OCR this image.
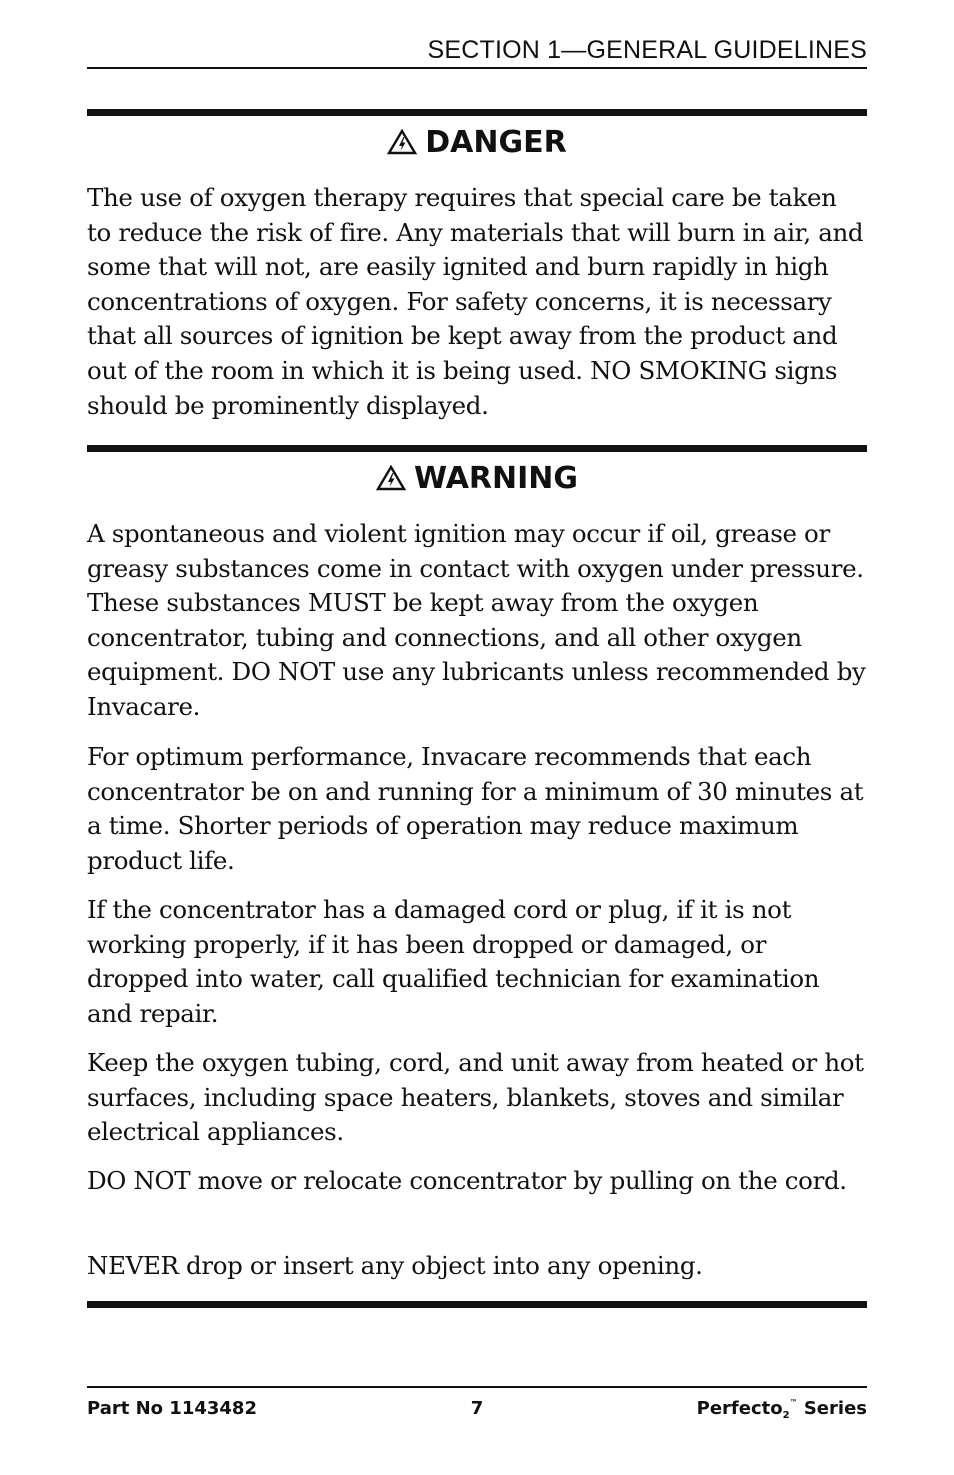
SECTION 1—GENERAL GUIDELINES
DANGER

The use of oxygen therapy requires that special care be taken to reduce the risk of fire. Any materials that will burn in air, and some that will not, are easily ignited and burn rapidly in high concentrations of oxygen. For safety concerns, it is necessary that all sources of ignition be kept away from the product and out of the room in which it is being used. NO SMOKING signs should be prominently displayed.

WARNING

A spontaneous and violent ignition may occur if oil, grease or greasy substances come in contact with oxygen under pressure. These substances MUST be kept away from the oxygen concentrator, tubing and connections, and all other oxygen equipment. DO NOT use any lubricants unless recommended by Invacare.

For optimum performance, Invacare recommends that each concentrator be on and running for a minimum of 30 minutes at a time. Shorter periods of operation may reduce maximum product life.

If the concentrator has a damaged cord or plug, if it is not working properly, if it has been dropped or damaged, or dropped into water, call qualified technician for examination and repair.

Keep the oxygen tubing, cord, and unit away from heated or hot surfaces, including space heaters, blankets, stoves and similar electrical appliances.

DO NOT move or relocate concentrator by pulling on the cord.

NEVER drop or insert any object into any opening.

Part No 1143482	7	Perfecto$_2$™ Series
